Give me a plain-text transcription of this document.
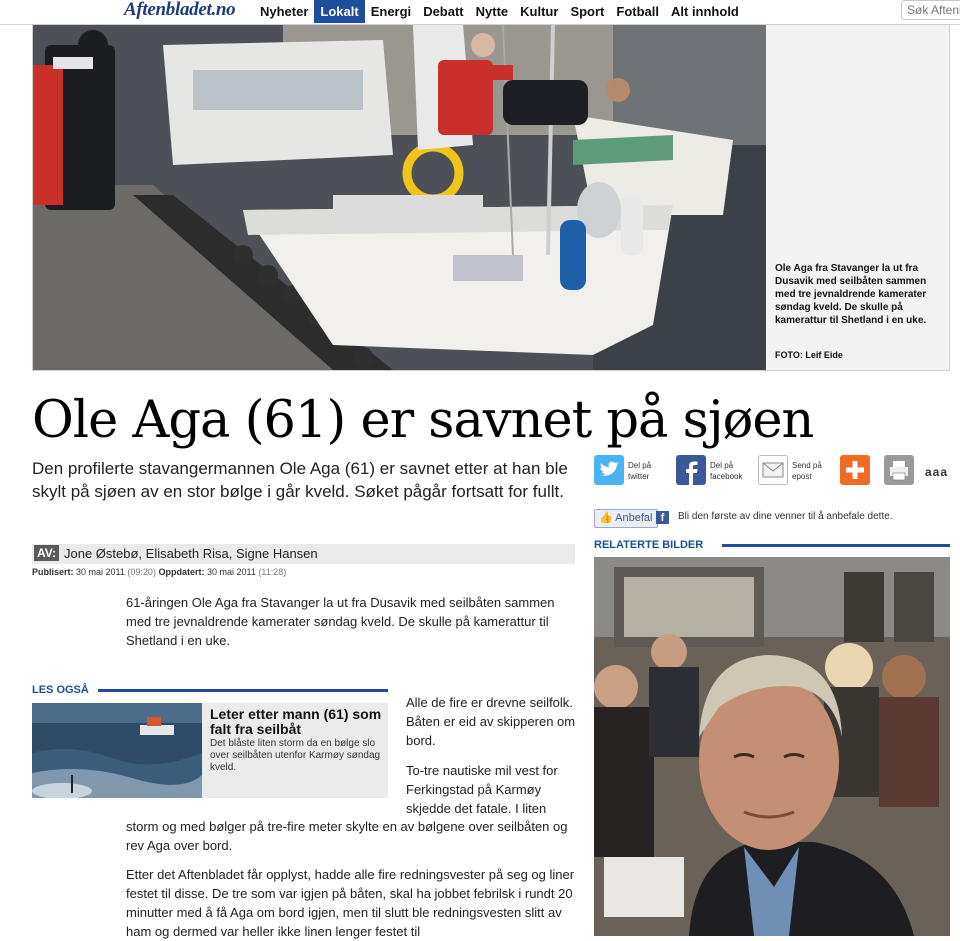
Aftenbladet.no	Nyheter Lokalt Energi Debatt Nytte Kultur Sport Fotball Alt innhold
Søk Aftenbladet
Ole Aga fra Stavanger la ut fra Dusavik med seilbåten sammen med tre jevnaldrende kamerater søndag kveld. De skulle på kamerattur til Shetland i en uke.
FOTO: Leif Eide
Ole Aga (61) er savnet på sjøen

Den profilerte stavangermannen Ole Aga (61) er savnet etter at han ble skylt på sjøen av en stor bølge i går kveld. Søket pågår fortsatt for fullt.

AV: Jone Østebø, Elisabeth Risa, Signe Hansen
Publisert: 30 mai 2011 (09:20) Oppdatert: 30 mai 2011 (11:28)

61-åringen Ole Aga fra Stavanger la ut fra Dusavik med seilbåten sammen med tre jevnaldrende kamerater søndag kveld. De skulle på kamerattur til Shetland i en uke.

Alle de fire er drevne seilfolk. Båten er eid av skipperen om bord.

To-tre nautiske mil vest for Ferkingstad på Karmøy skjedde det fatale. I liten

storm og med bølger på tre-fire meter skylte en av bølgene over seilbåten og rev Aga over bord.

Etter det Aftenbladet får opplyst, hadde alle fire redningsvester på seg og liner festet til disse. De tre som var igjen på båten, skal ha jobbet febrilsk i rundt 20 minutter med å få Aga om bord igjen, men til slutt ble redningsvesten slitt av ham og dermed var heller ikke linen lenger festet til

LES OGSÅ
Leter etter mann (61) som falt fra seilbåt
Det blåste liten storm da en bølge slo over seilbåten utenfor Karmøy søndag kveld.
Del på twitter
Del på facebook
Send på epost	aaa
👍 Anbefal f	Bli den første av dine venner til å anbefale dette.
RELATERTE BILDER
